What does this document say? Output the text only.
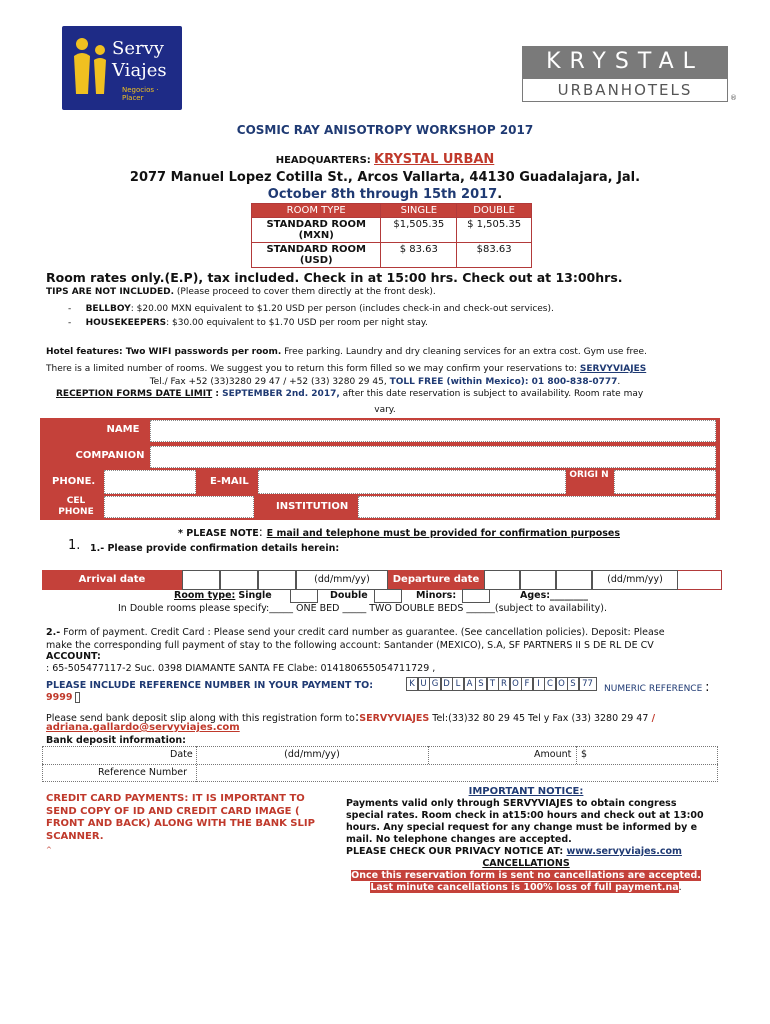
Servy
Viajes
Negocios · Placer
KRYSTAL
URBANHOTELS	®
COSMIC RAY ANISOTROPY WORKSHOP 2017
HEADQUARTERS: KRYSTAL URBAN
2077 Manuel Lopez Cotilla St., Arcos Vallarta, 44130 Guadalajara, Jal.
October 8th through 15th 2017.
ROOM TYPE	SINGLE	DOUBLE
STANDARD ROOM (MXN)	$1,505.35	$ 1,505.35
STANDARD ROOM (USD)	$ 83.63	$83.63
Room rates only.(E.P), tax included. Check in at 15:00 hrs. Check out at 13:00hrs.
TIPS ARE NOT INCLUDED. (Please proceed to cover them directly at the front desk).
-     BELLBOY: $20.00 MXN equivalent to $1.20 USD per person (includes check-in and check-out services).
-     HOUSEKEEPERS: $30.00 equivalent to $1.70 USD per room per night stay.
Hotel features: Two WIFI passwords per room. Free parking. Laundry and dry cleaning services for an extra cost. Gym use free.
There is a limited number of rooms. We suggest you to return this form filled so we may confirm your reservations to: SERVYVIAJES
Tel./ Fax +52 (33)3280 29 47 / +52 (33) 3280 29 45, TOLL FREE (within Mexico): 01 800-838-0777.
RECEPTION FORMS DATE LIMIT : SEPTEMBER 2nd. 2017, after this date reservation is subject to availability. Room rate may
vary.
NAME
COMPANION
PHONE.	E-MAIL
ORIGI N
CEL PHONE	INSTITUTION
* PLEASE NOTE: E mail and telephone must be provided for confirmation purposes
1. 1.- Please provide confirmation details herein:
Arrival date	(dd/mm/yy)	Departure date	(dd/mm/yy)
Room type: Single	Double	Minors:	Ages:________
In Double rooms please specify:_____ ONE BED _____ TWO DOUBLE BEDS ______(subject to availability).
2.- Form of payment. Credit Card : Please send your credit card number as guarantee. (See cancellation policies). Deposit: Please
make the corresponding full payment of stay to the following account: Santander (MEXICO), S.A, SF PARTNERS II S DE RL DE CV
ACCOUNT:
: 65-505477117-2 Suc. 0398 DIAMANTE SANTA FE Clabe: 014180655054711729 ,
PLEASE INCLUDE REFERENCE NUMBER IN YOUR PAYMENT TO:	K U G D L A S T R O F I C O S 77	NUMERIC REFERENCE :
9999
Please send bank deposit slip along with this registration form to:SERVYVIAJES Tel:(33)32 80 29 45 Tel y Fax (33) 3280 29 47 /
adriana.gallardo@servyviajes.com
Bank deposit information:
Date	(dd/mm/yy)	Amount $
Reference Number
CREDIT CARD PAYMENTS: IT IS IMPORTANT TO SEND COPY OF ID AND CREDIT CARD IMAGE ( FRONT AND BACK) ALONG WITH THE BANK SLIP SCANNER.
^
IMPORTANT NOTICE:
Payments valid only through SERVYVIAJES to obtain congress special rates. Room check in at15:00 hours and check out at 13:00 hours. Any special request for any change must be informed by e mail. No telephone changes are accepted.
PLEASE CHECK OUR PRIVACY NOTICE AT: www.servyviajes.com
CANCELLATIONS
Once this reservation form is sent no cancellations are accepted. Last minute cancellations is 100% loss of full payment.na.
